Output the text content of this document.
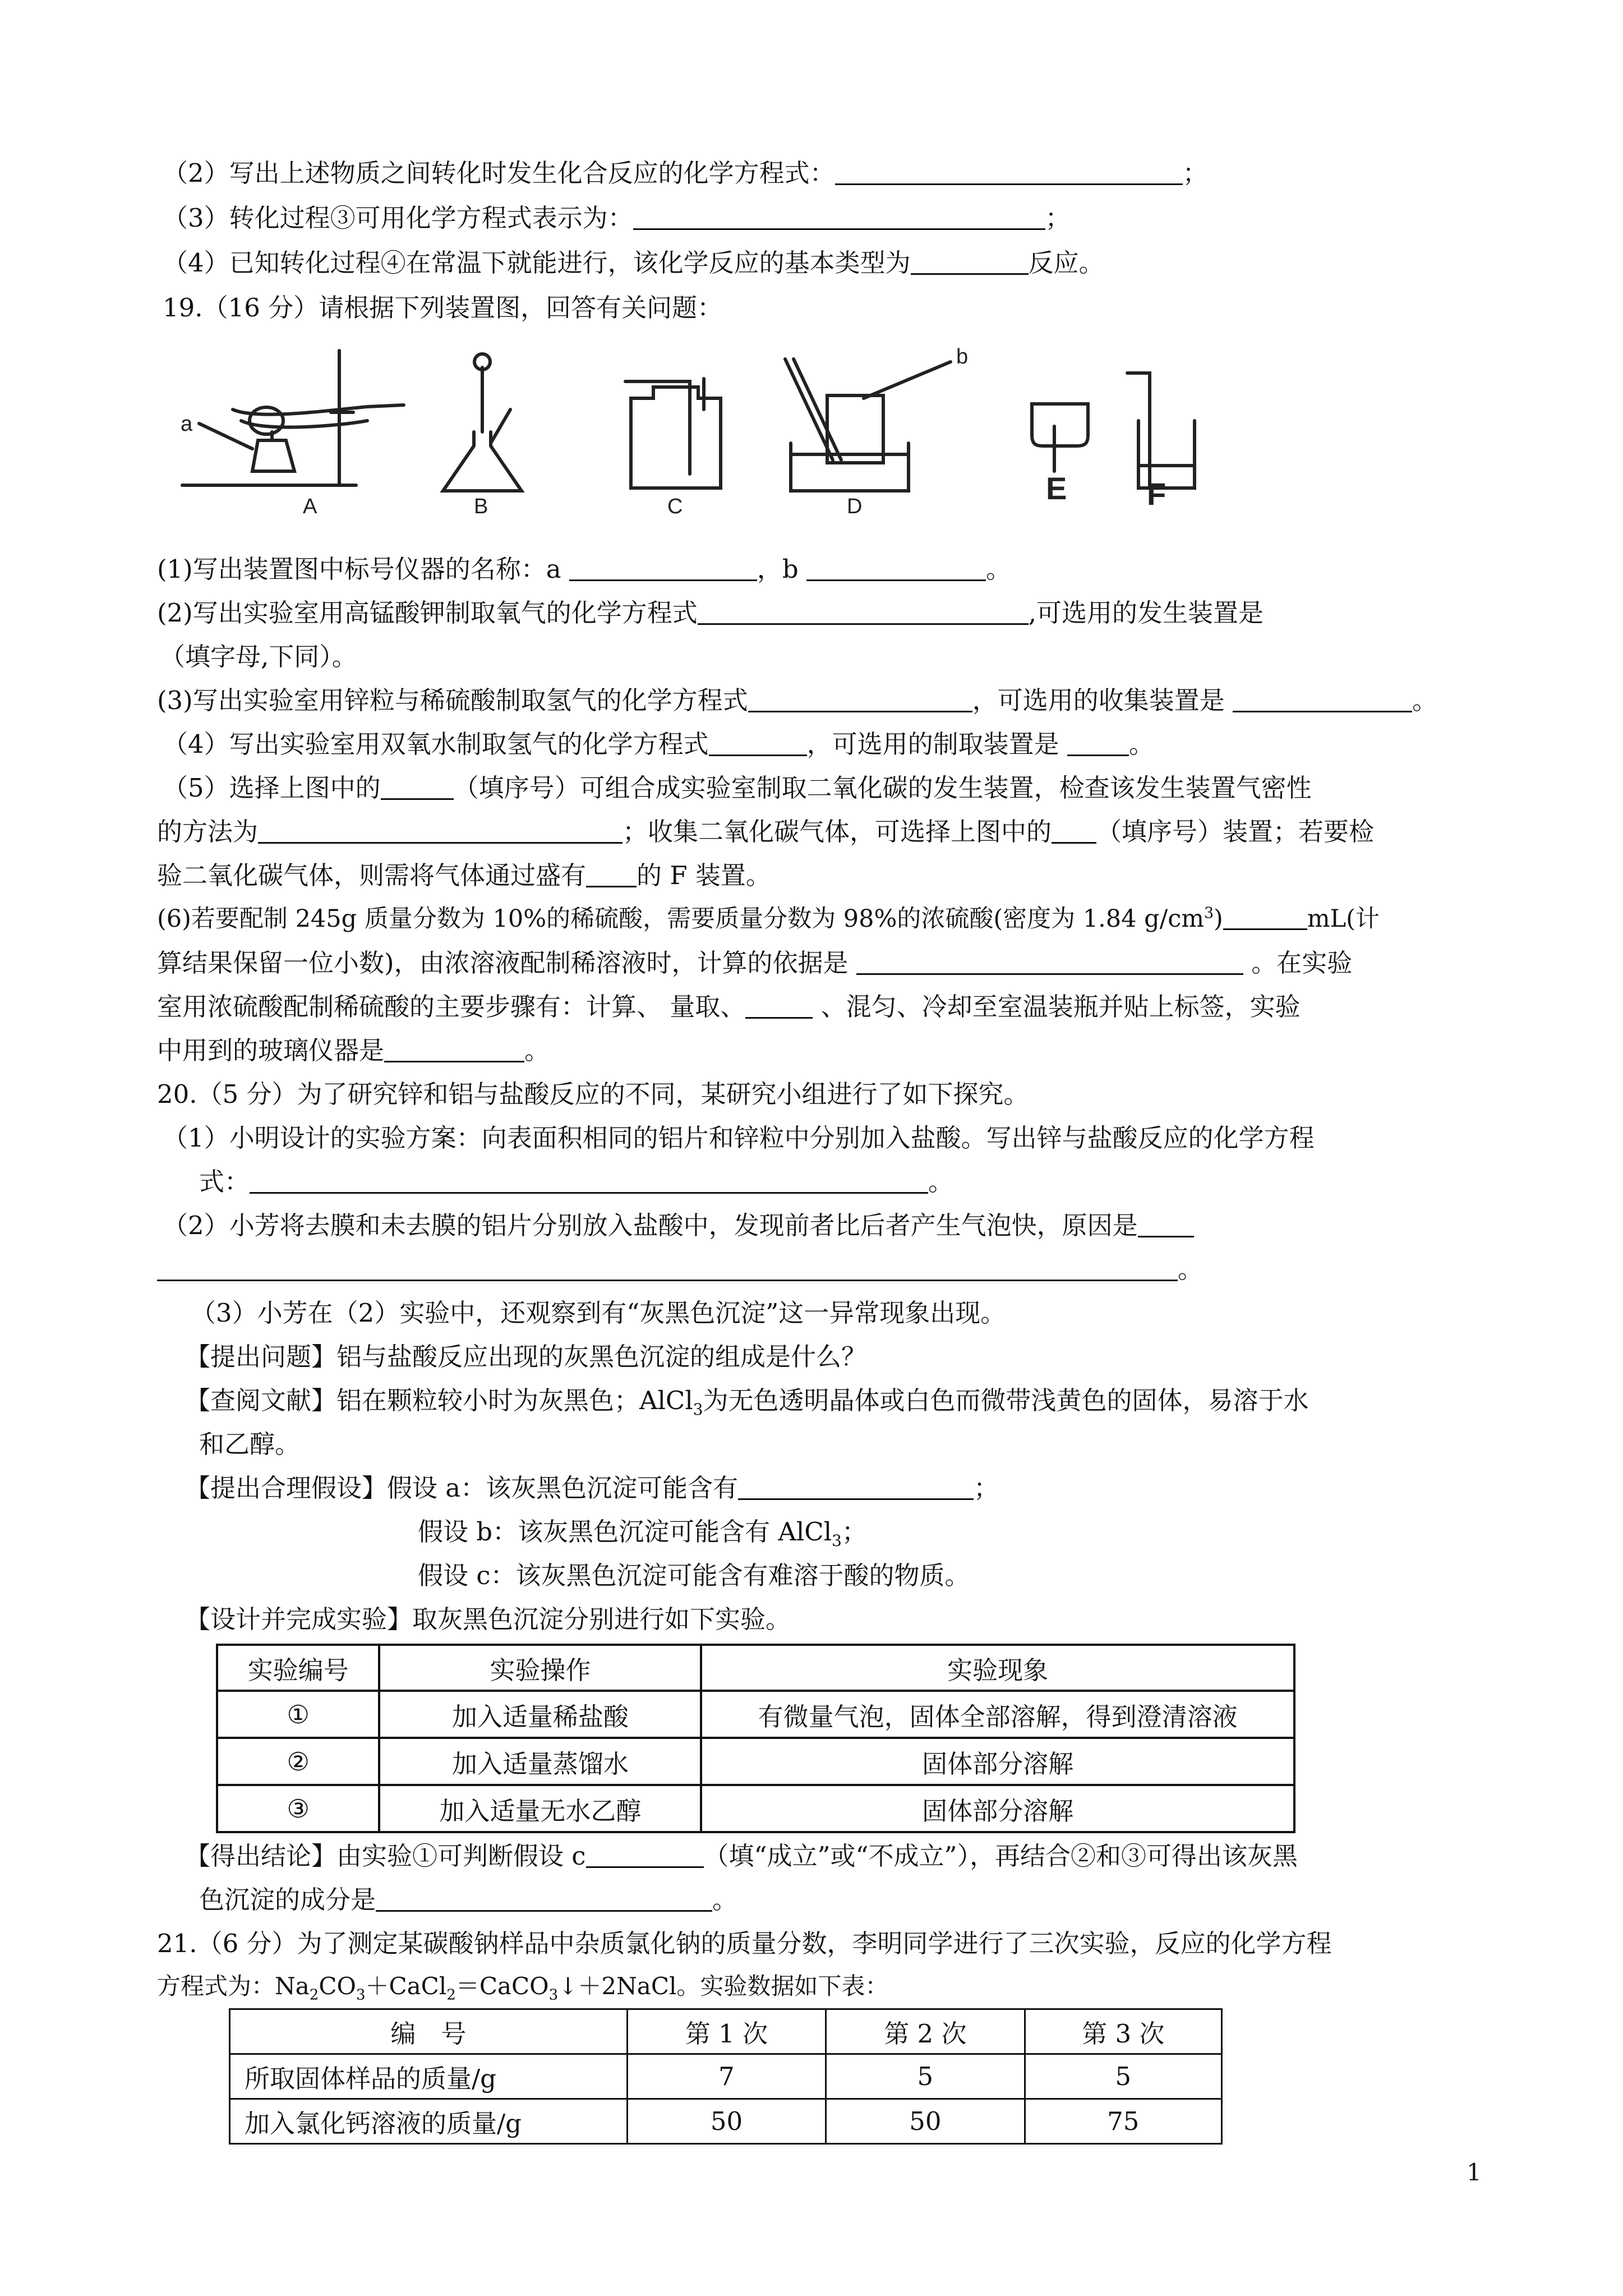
（2）写出上述物质之间转化时发生化合反应的化学方程式：	；
（3）转化过程③可用化学方程式表示为：	；
（4）已知转化过程④在常温下就能进行，该化学反应的基本类型为	反应。
19.（16 分）请根据下列装置图，回答有关问题：
a
b
A	B	C	D
E	F
(1)写出装置图中标号仪器的名称：a	，b	。
(2)写出实验室用高锰酸钾制取氧气的化学方程式	,可选用的发生装置是
（填字母,下同）。
(3)写出实验室用锌粒与稀硫酸制取氢气的化学方程式	，可选用的收集装置是	。
（4）写出实验室用双氧水制取氢气的化学方程式	，可选用的制取装置是	。
（5）选择上图中的	（填序号）可组合成实验室制取二氧化碳的发生装置，检查该发生装置气密性
的方法为	；收集二氧化碳气体，可选择上图中的 （填序号）装置；若要检
验二氧化碳气体，则需将气体通过盛有 的 F 装置。
(6)若要配制 245g 质量分数为 10%的稀硫酸，需要质量分数为 98%的浓硫酸(密度为 1.84 $g/cm^3$)	mL(计
算结果保留一位小数)，由浓溶液配制稀溶液时，计算的依据是	。在实验
室用浓硫酸配制稀硫酸的主要步骤有：计算、 量取、	、混匀、冷却至室温装瓶并贴上标签，实验
中用到的玻璃仪器是	。
20.（5 分）为了研究锌和铝与盐酸反应的不同，某研究小组进行了如下探究。
（1）小明设计的实验方案：向表面积相同的铝片和锌粒中分别加入盐酸。写出锌与盐酸反应的化学方程
式：	。
（2）小芳将去膜和未去膜的铝片分别放入盐酸中，发现前者比后者产生气泡快，原因是
。
（3）小芳在（2）实验中，还观察到有“灰黑色沉淀”这一异常现象出现。
【提出问题】铝与盐酸反应出现的灰黑色沉淀的组成是什么？
【查阅文献】铝在颗粒较小时为灰黑色；AlCl$_3$为无色透明晶体或白色而微带浅黄色的固体，易溶于水
和乙醇。
【提出合理假设】假设 a：该灰黑色沉淀可能含有	；
假设 b：该灰黑色沉淀可能含有 AlCl$_3$；
假设 c：该灰黑色沉淀可能含有难溶于酸的物质。
【设计并完成实验】取灰黑色沉淀分别进行如下实验。
实验编号	实验操作	实验现象
①	加入适量稀盐酸	有微量气泡，固体全部溶解，得到澄清溶液
②	加入适量蒸馏水	固体部分溶解
③	加入适量无水乙醇	固体部分溶解
【得出结论】由实验①可判断假设 c	（填“成立”或“不成立”），再结合②和③可得出该灰黑
色沉淀的成分是	。
21.（6 分）为了测定某碳酸钠样品中杂质氯化钠的质量分数，李明同学进行了三次实验，反应的化学方程
方程式为：$Na_2CO_3+CaCl_2=CaCO_3↓+2NaCl$。实验数据如下表：
编　号	第 1 次	第 2 次	第 3 次
所取固体样品的质量/g	7	5	5
加入氯化钙溶液的质量/g	50	50	75
1
